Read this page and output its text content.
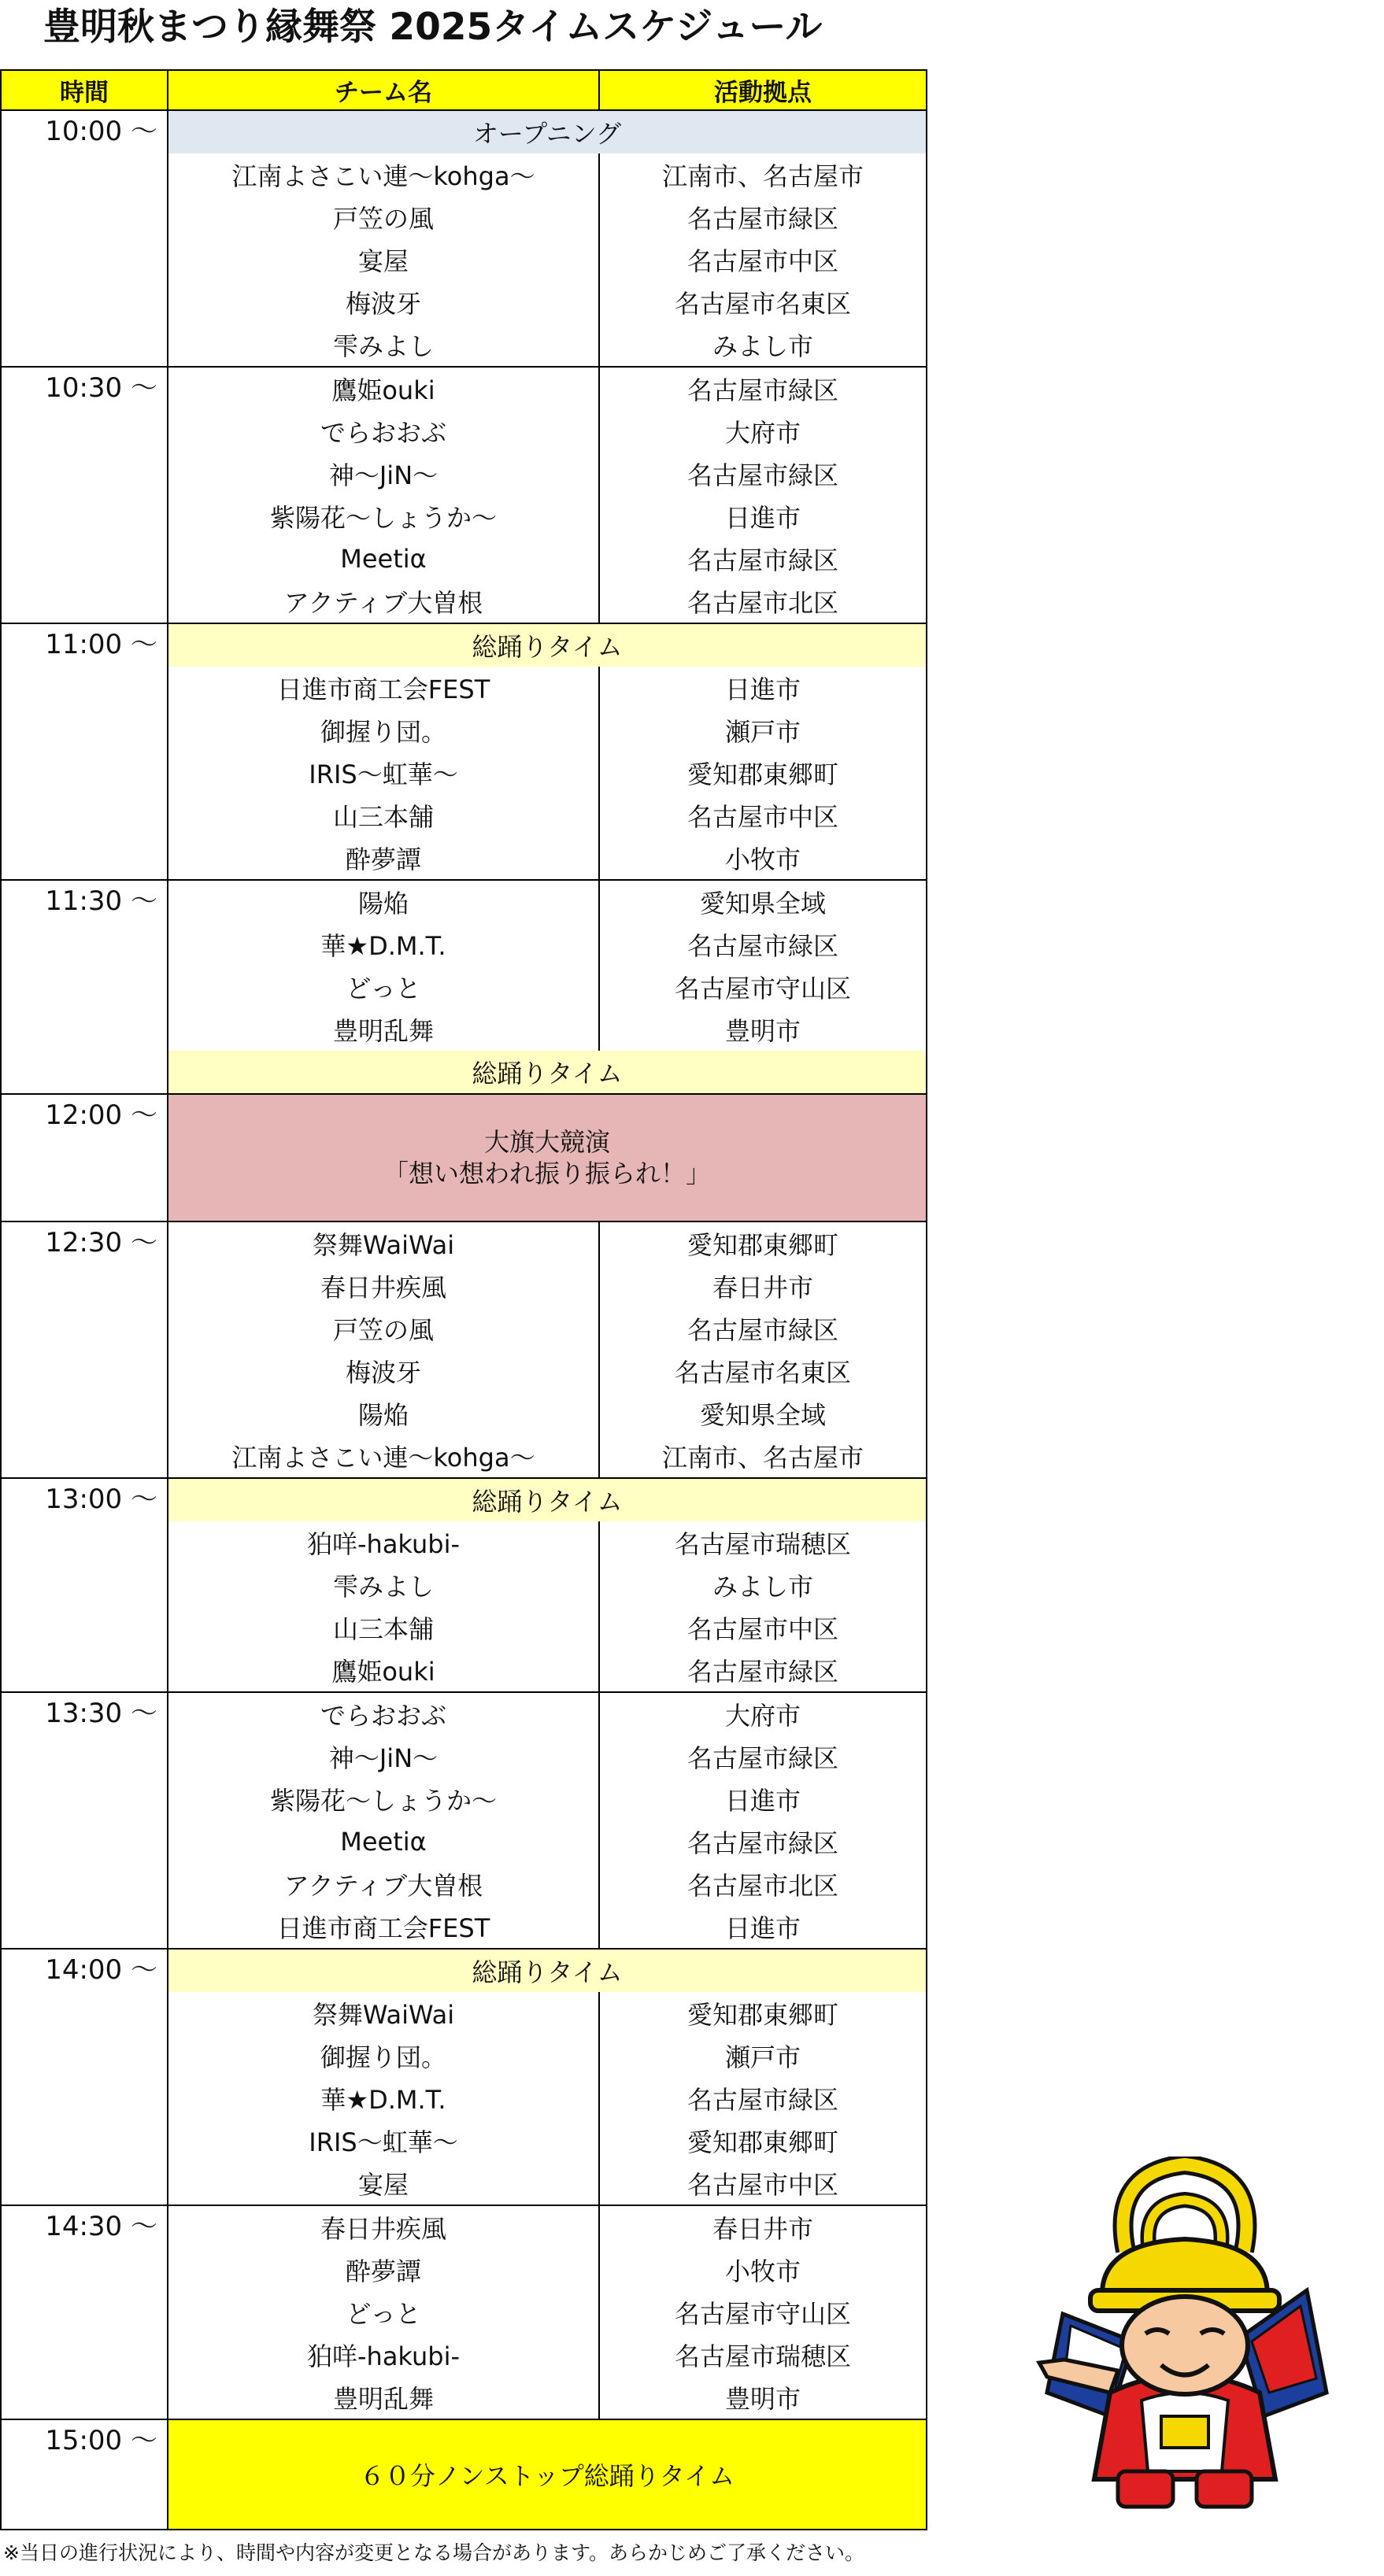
豊明秋まつり縁舞祭 2025タイムスケジュール
時間	チーム名	活動拠点
10:00 ～	オープニング	
	江南よさこい連～kohga～	江南市、名古屋市
	戸笠の風	名古屋市緑区
	宴屋	名古屋市中区
	梅波牙	名古屋市名東区
	雫みよし	みよし市
10:30 ～	鷹姫ouki	名古屋市緑区
	でらおおぶ	大府市
	神～JiN～	名古屋市緑区
	紫陽花～しょうか～	日進市
	Meetiα	名古屋市緑区
	アクティブ大曽根	名古屋市北区
11:00 ～	総踊りタイム	
	日進市商工会FEST	日進市
	御握り団。	瀬戸市
	IRIS～虹華～	愛知郡東郷町
	山三本舗	名古屋市中区
	酔夢譚	小牧市
11:30 ～	陽焔	愛知県全域
	華★D.M.T.	名古屋市緑区
	どっと	名古屋市守山区
	豊明乱舞	豊明市
	総踊りタイム	
12:00 ～	大旗大競演
「想い想われ振り振られ！」	

12:30 ～	祭舞WaiWai	愛知郡東郷町
	春日井疾風	春日井市
	戸笠の風	名古屋市緑区
	梅波牙	名古屋市名東区
	陽焔	愛知県全域
	江南よさこい連～kohga～	江南市、名古屋市
13:00 ～	総踊りタイム	
	狛咩-hakubi-	名古屋市瑞穂区
	雫みよし	みよし市
	山三本舗	名古屋市中区
	鷹姫ouki	名古屋市緑区
13:30 ～	でらおおぶ	大府市
	神～JiN～	名古屋市緑区
	紫陽花～しょうか～	日進市
	Meetiα	名古屋市緑区
	アクティブ大曽根	名古屋市北区
	日進市商工会FEST	日進市
14:00 ～	総踊りタイム	
	祭舞WaiWai	愛知郡東郷町
	御握り団。	瀬戸市
	華★D.M.T.	名古屋市緑区
	IRIS～虹華～	愛知郡東郷町
	宴屋	名古屋市中区
14:30 ～	春日井疾風	春日井市
	酔夢譚	小牧市
	どっと	名古屋市守山区
	狛咩-hakubi-	名古屋市瑞穂区
	豊明乱舞	豊明市
15:00 ～	６０分ノンストップ総踊りタイム	
※当日の進行状況により、時間や内容が変更となる場合があります。あらかじめご了承ください。
